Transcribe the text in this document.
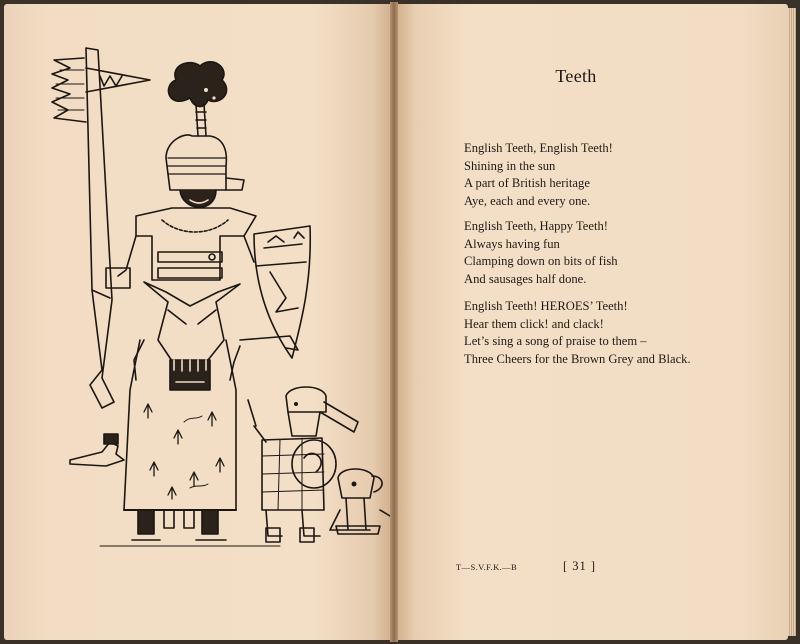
Teeth
English Teeth, English Teeth!
Shining in the sun
A part of British heritage
Aye, each and every one.
English Teeth, Happy Teeth!
Always having fun
Clamping down on bits of fish
And sausages half done.
English Teeth! HEROES’ Teeth!
Hear them click! and clack!
Let’s sing a song of praise to them –
Three Cheers for the Brown Grey and Black.
T—S.V.F.K.—B	[ 31 ]
